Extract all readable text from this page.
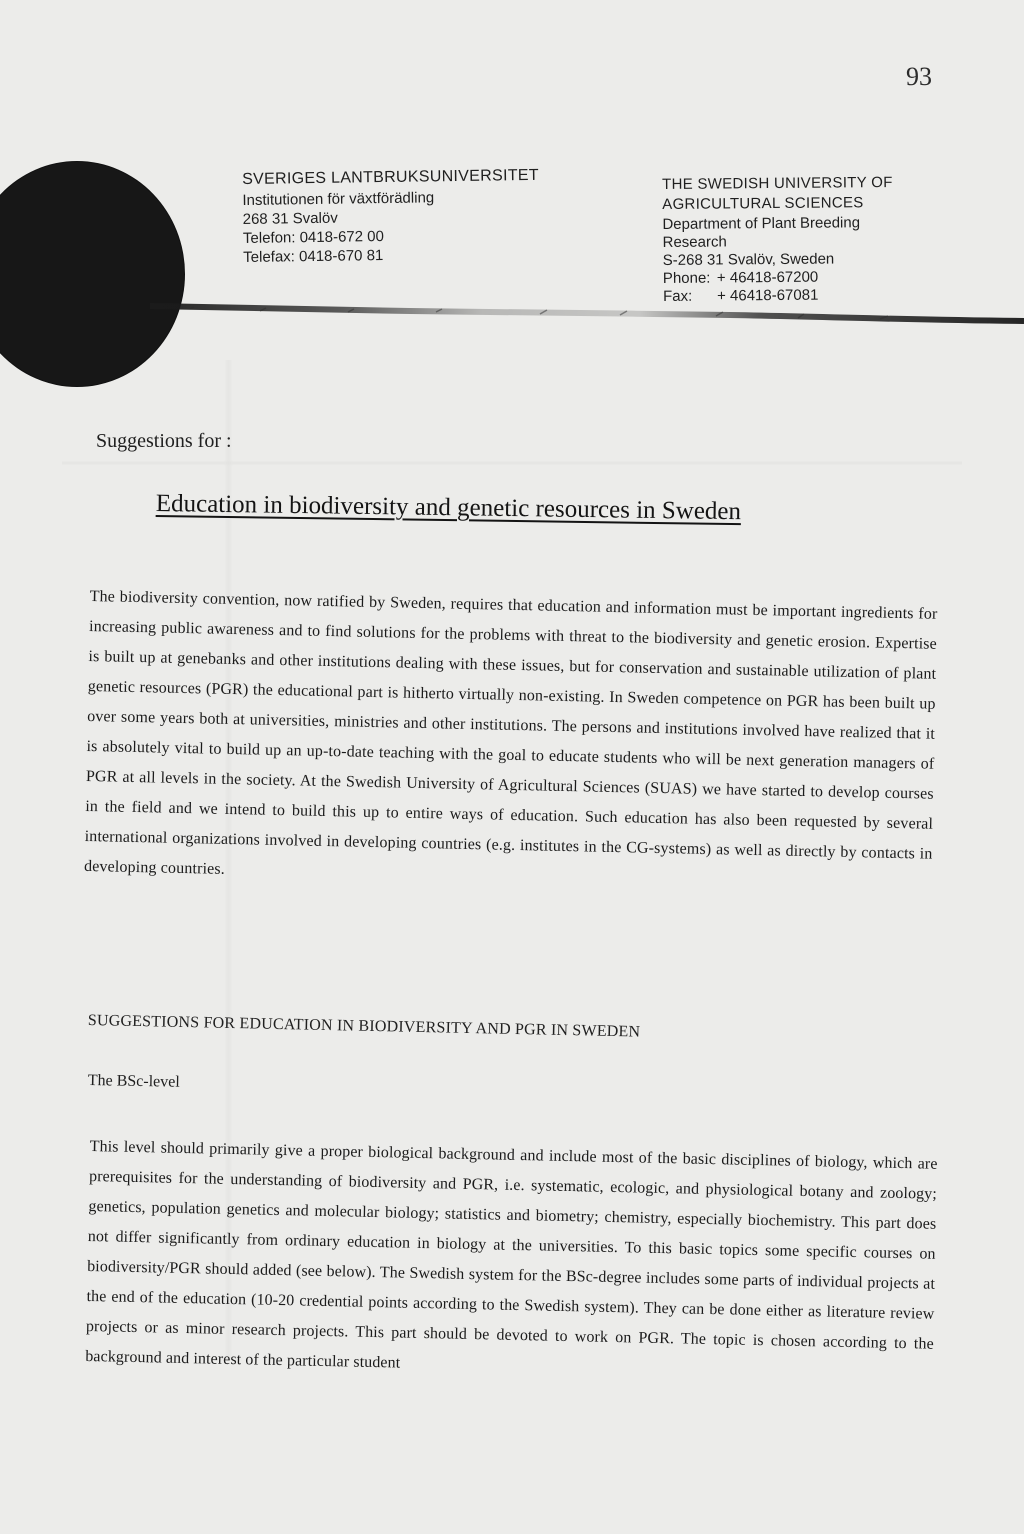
93
SVERIGES LANTBRUKSUNIVERSITET
Institutionen för växtförädling
268 31 Svalöv
Telefon: 0418-672 00
Telefax: 0418-670 81
THE SWEDISH UNIVERSITY OF
AGRICULTURAL SCIENCES
Department of Plant Breeding
Research
S-268 31 Svalöv, Sweden
Phone: + 46418-67200
Fax:	+ 46418-67081
Suggestions for :
Education in biodiversity and genetic resources in Sweden

The biodiversity convention, now ratified by Sweden, requires that education and information must be important ingredients for increasing public awareness and to find solutions for the problems with threat to the biodiversity and genetic erosion. Expertise is built up at genebanks and other institutions dealing with these issues, but for conservation and sustainable utilization of plant genetic resources (PGR) the educational part is hitherto virtually non-existing. In Sweden competence on PGR has been built up over some years both at universities, ministries and other institutions. The persons and institutions involved have realized that it is absolutely vital to build up an up-to-date teaching with the goal to educate students who will be next generation managers of PGR at all levels in the society. At the Swedish University of Agricultural Sciences (SUAS) we have started to develop courses in the field and we intend to build this up to entire ways of education. Such education has also been requested by several international organizations involved in developing countries (e.g. institutes in the CG-systems) as well as directly by contacts in developing countries.

SUGGESTIONS FOR EDUCATION IN BIODIVERSITY AND PGR IN SWEDEN
The BSc-level

This level should primarily give a proper biological background and include most of the basic disciplines of biology, which are prerequisites for the understanding of biodiversity and PGR, i.e. systematic, ecologic, and physiological botany and zoology; genetics, population genetics and molecular biology; statistics and biometry; chemistry, especially biochemistry. This part does not differ significantly from ordinary education in biology at the universities. To this basic topics some specific courses on biodiversity/PGR should added (see below). The Swedish system for the BSc-degree includes some parts of individual projects at the end of the education (10-20 credential points according to the Swedish system). They can be done either as literature review projects or as minor research projects. This part should be devoted to work on PGR. The topic is chosen according to the background and interest of the particular student
